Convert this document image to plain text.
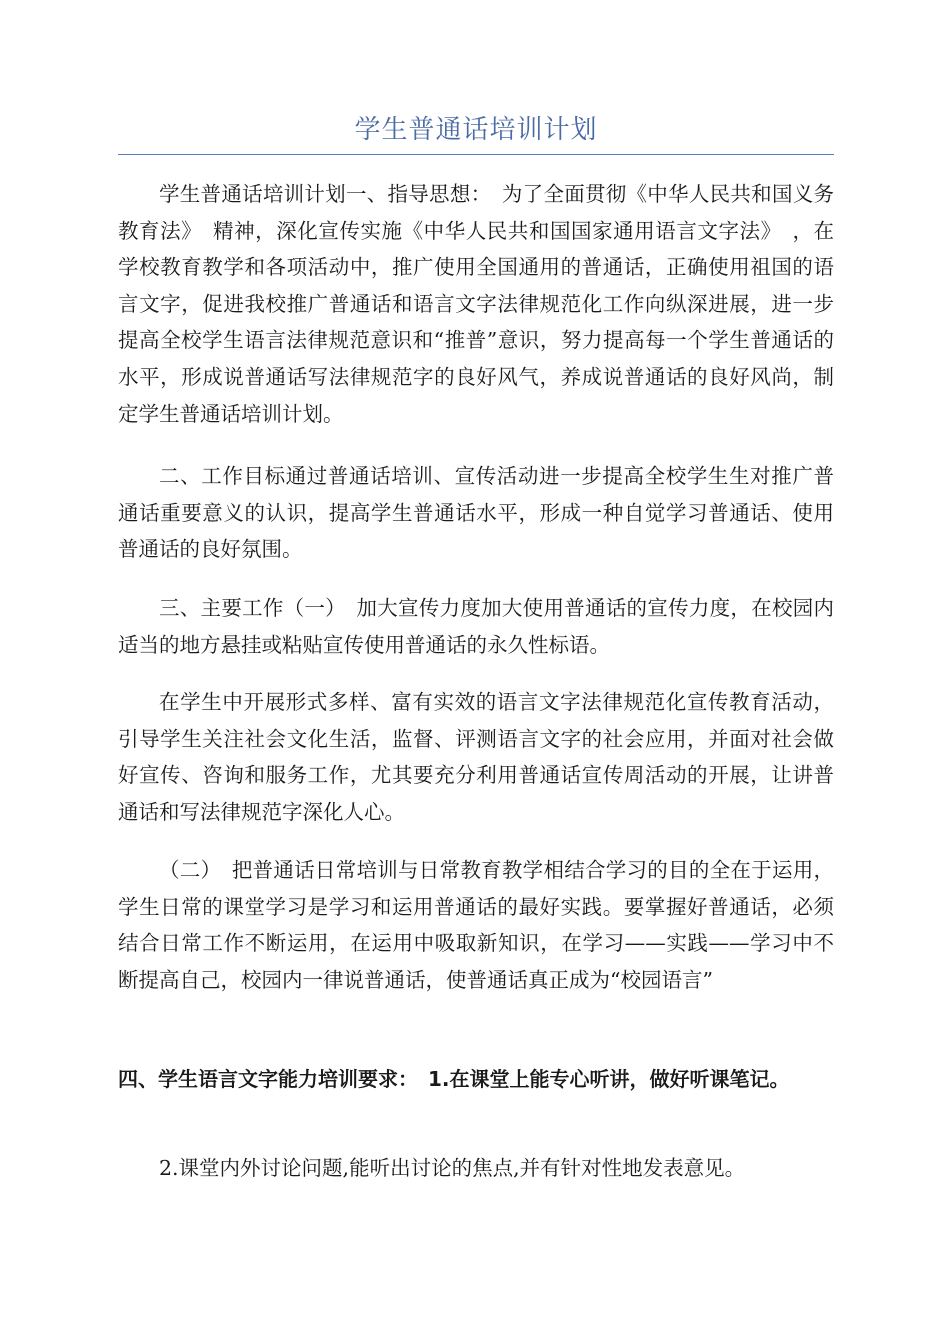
学生普通话培训计划

学生普通话培训计划一、指导思想：　为了全面贯彻《中华人民共和国义务教育法》　精神，深化宣传实施《中华人民共和国国家通用语言文字法》　，在学校教育教学和各项活动中，推广使用全国通用的普通话，正确使用祖国的语言文字，促进我校推广普通话和语言文字法律规范化工作向纵深进展，进一步提高全校学生语言法律规范意识和“推普”意识，努力提高每一个学生普通话的水平，形成说普通话写法律规范字的良好风气，养成说普通话的良好风尚，制定学生普通话培训计划。

二、工作目标通过普通话培训、宣传活动进一步提高全校学生生对推广普通话重要意义的认识，提高学生普通话水平，形成一种自觉学习普通话、使用普通话的良好氛围。

三、主要工作（一）　加大宣传力度加大使用普通话的宣传力度，在校园内适当的地方悬挂或粘贴宣传使用普通话的永久性标语。

在学生中开展形式多样、富有实效的语言文字法律规范化宣传教育活动，引导学生关注社会文化生活，监督、评测语言文字的社会应用，并面对社会做好宣传、咨询和服务工作，尤其要充分利用普通话宣传周活动的开展，让讲普通话和写法律规范字深化人心。

（二）　把普通话日常培训与日常教育教学相结合学习的目的全在于运用，学生日常的课堂学习是学习和运用普通话的最好实践。要掌握好普通话，必须结合日常工作不断运用，在运用中吸取新知识，在学习——实践——学习中不断提高自己，校园内一律说普通话，使普通话真正成为“校园语言”

四、学生语言文字能力培训要求：　1.在课堂上能专心听讲，做好听课笔记。

2.课堂内外讨论问题,能听出讨论的焦点,并有针对性地发表意见。
